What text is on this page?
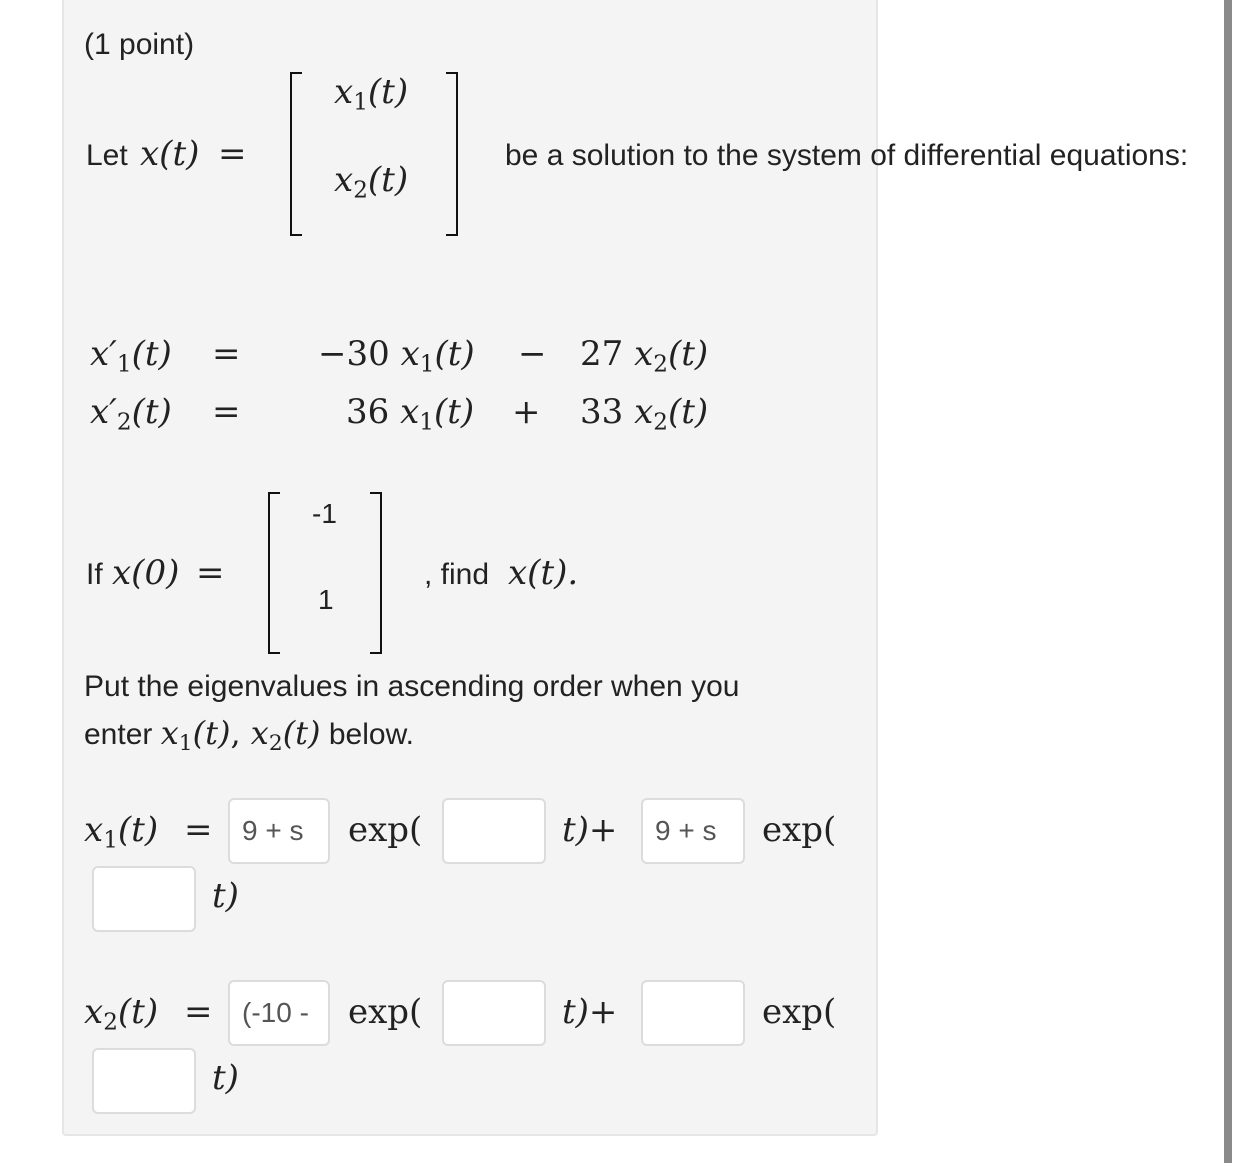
(1 point)
Let x(t) =
$x_1(t)$
$x_2(t)$
be a solution to the system of differential equations:
$x'_1(t) = -30$ $x_1(t) - 27$ $x_2(t)$
$x'_2(t)$ =	36 $x_1(t) + 33$ $x_2(t)$
If x(0) =
-1
1
, find x(t).
Put the eigenvalues in ascending order when you
enter $x_1(t)$, $x_2(t)$ below.
$x_1(t)$ =	9 + s	exp(	t)+	9 + s	exp(
t)
$x_2(t)$ =	(-10 -	exp(	t)+	exp(
t)
